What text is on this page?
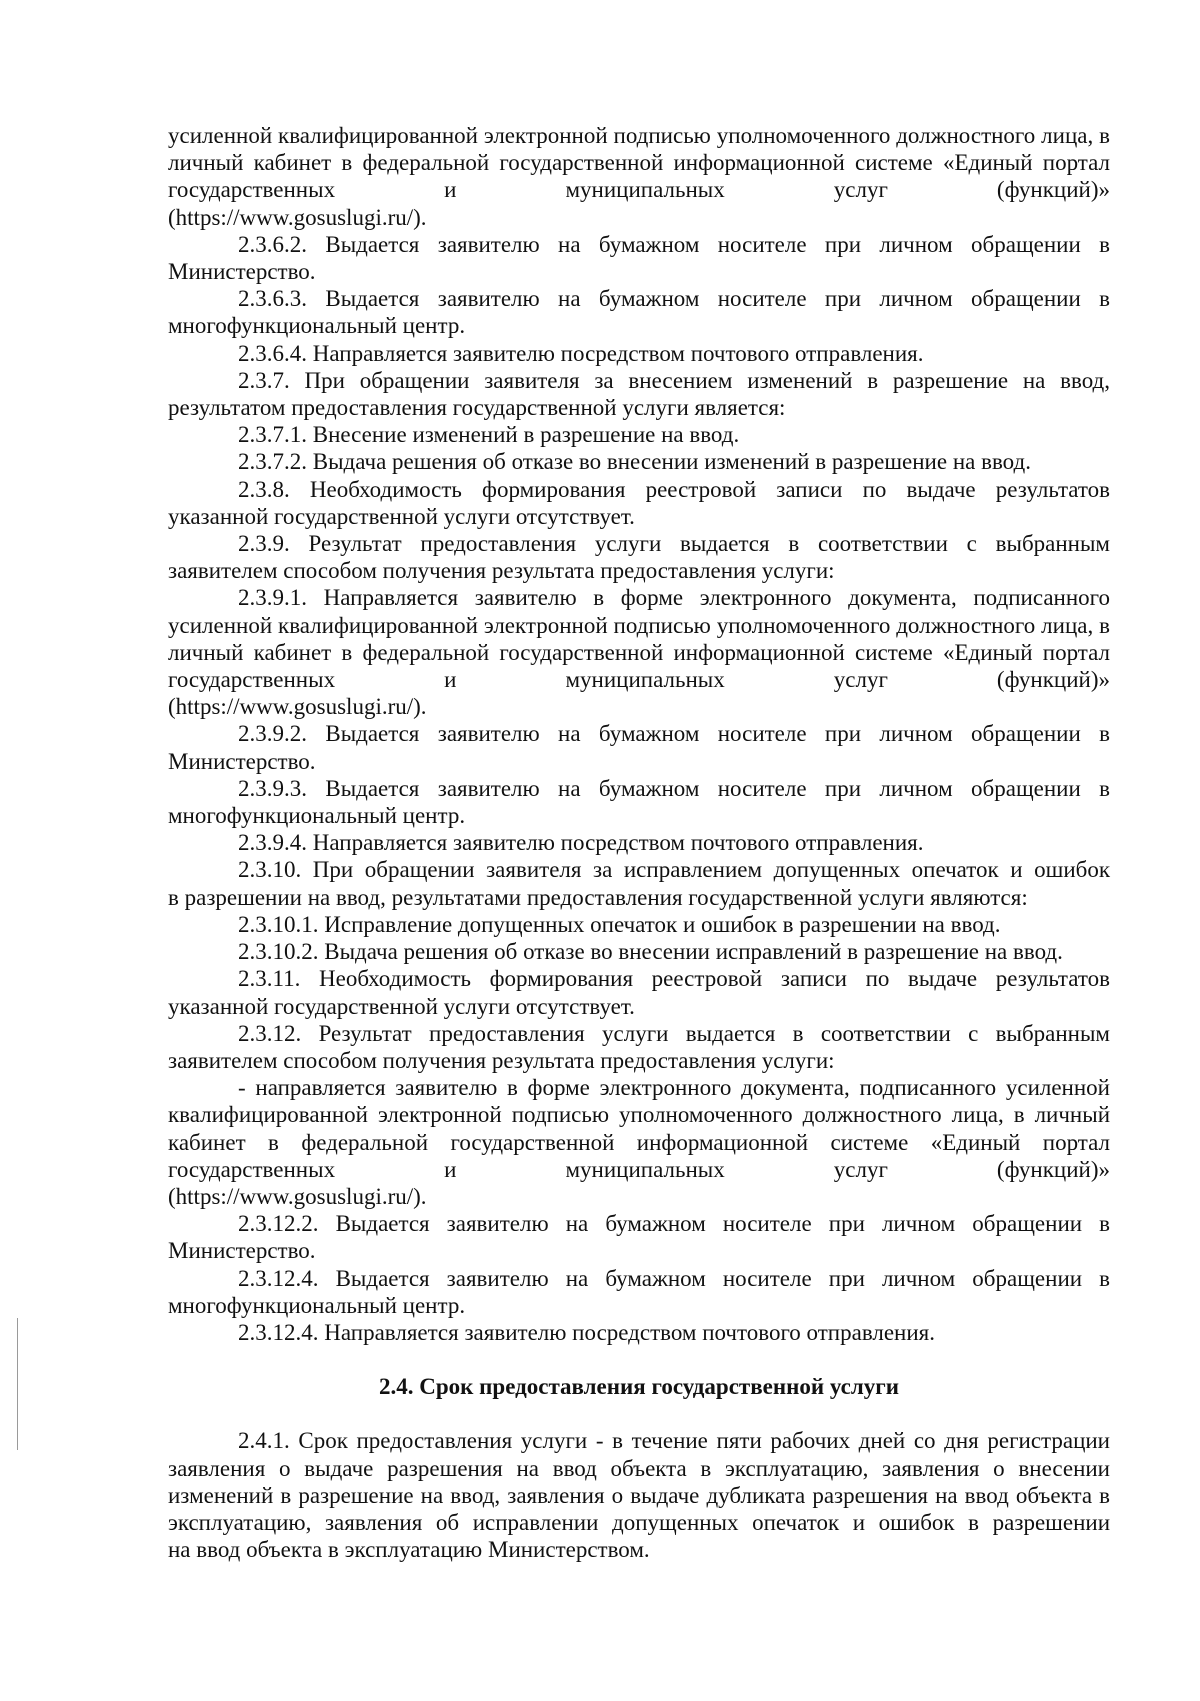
усиленной квалифицированной электронной подписью уполномоченного должностного лица, в личный кабинет в федеральной государственной информационной системе «Единый портал государственных и муниципальных услуг (функций)»

(https://www.gosuslugi.ru/).

2.3.6.2. Выдается заявителю на бумажном носителе при личном обращении в

Министерство.

2.3.6.3. Выдается заявителю на бумажном носителе при личном обращении в

многофункциональный центр.

2.3.6.4. Направляется заявителю посредством почтового отправления.

2.3.7. При обращении заявителя за внесением изменений в разрешение на ввод,

результатом предоставления государственной услуги является:

2.3.7.1. Внесение изменений в разрешение на ввод.

2.3.7.2. Выдача решения об отказе во внесении изменений в разрешение на ввод.

2.3.8. Необходимость формирования реестровой записи по выдаче результатов

указанной государственной услуги отсутствует.

2.3.9. Результат предоставления услуги выдается в соответствии с выбранным

заявителем способом получения результата предоставления услуги:

2.3.9.1. Направляется заявителю в форме электронного документа, подписанного усиленной квалифицированной электронной подписью уполномоченного должностного лица, в личный кабинет в федеральной государственной информационной системе «Единый портал государственных и муниципальных услуг (функций)»

(https://www.gosuslugi.ru/).

2.3.9.2. Выдается заявителю на бумажном носителе при личном обращении в

Министерство.

2.3.9.3. Выдается заявителю на бумажном носителе при личном обращении в

многофункциональный центр.

2.3.9.4. Направляется заявителю посредством почтового отправления.

2.3.10. При обращении заявителя за исправлением допущенных опечаток и ошибок

в разрешении на ввод, результатами предоставления государственной услуги являются:

2.3.10.1. Исправление допущенных опечаток и ошибок в разрешении на ввод.

2.3.10.2. Выдача решения об отказе во внесении исправлений в разрешение на ввод.

2.3.11. Необходимость формирования реестровой записи по выдаче результатов

указанной государственной услуги отсутствует.

2.3.12. Результат предоставления услуги выдается в соответствии с выбранным

заявителем способом получения результата предоставления услуги:

- направляется заявителю в форме электронного документа, подписанного усиленной квалифицированной электронной подписью уполномоченного должностного лица, в личный кабинет в федеральной государственной информационной системе «Единый портал государственных и муниципальных услуг (функций)»

(https://www.gosuslugi.ru/).

2.3.12.2. Выдается заявителю на бумажном носителе при личном обращении в

Министерство.

2.3.12.4. Выдается заявителю на бумажном носителе при личном обращении в

многофункциональный центр.

2.3.12.4. Направляется заявителю посредством почтового отправления.

2.4. Срок предоставления государственной услуги

2.4.1. Срок предоставления услуги - в течение пяти рабочих дней со дня регистрации заявления о выдаче разрешения на ввод объекта в эксплуатацию, заявления о внесении изменений в разрешение на ввод, заявления о выдаче дубликата разрешения на ввод объекта в эксплуатацию, заявления об исправлении допущенных опечаток и ошибок в разрешении

на ввод объекта в эксплуатацию Министерством.
